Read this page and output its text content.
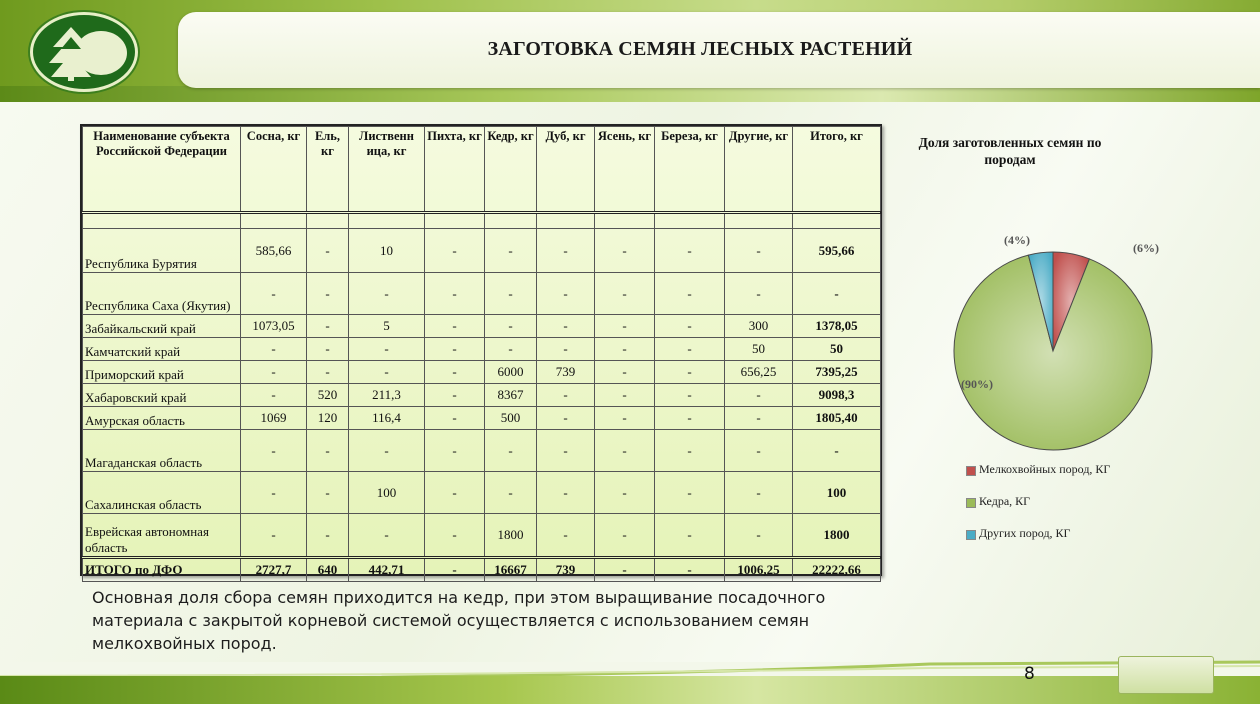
ЗАГОТОВКА СЕМЯН ЛЕСНЫХ РАСТЕНИЙ
Наименование субъекта Российской Федерации	Сосна, кг	Ель, кг	Лиственн ица, кг	Пихта, кг	Кедр, кг	Дуб, кг	Ясень, кг	Береза, кг	Другие, кг	Итого, кг

Республика Бурятия	585,66	-	10	-	-	-	-	-	-	595,66
Республика Саха (Якутия)	-	-	-	-	-	-	-	-	-	-
Забайкальский край	1073,05	-	5	-	-	-	-	-	300	1378,05
Камчатский край	-	-	-	-	-	-	-	-	50	50
Приморский край	-	-	-	-	6000	739	-	-	656,25	7395,25
Хабаровский край	-	520	211,3	-	8367	-	-	-	-	9098,3
Амурская область	1069	120	116,4	-	500	-	-	-	-	1805,40
Магаданская область	-	-	-	-	-	-	-	-	-	-
Сахалинская область	-	-	100	-	-	-	-	-	-	100
Еврейская автономная область	-	-	-	-	1800	-	-	-	-	1800
ИТОГО по ДФО	2727,7	640	442,71	-	16667	739	-	-	1006,25	22222,66
Доля заготовленных семян по породам
(6%)
(90%)
(4%)
Мелкохвойных пород, КГ
Кедра, КГ
Других пород, КГ
Основная доля сбора семян приходится на кедр, при этом выращивание посадочного материала с закрытой корневой системой осуществляется с использованием семян мелкохвойных пород.
8
